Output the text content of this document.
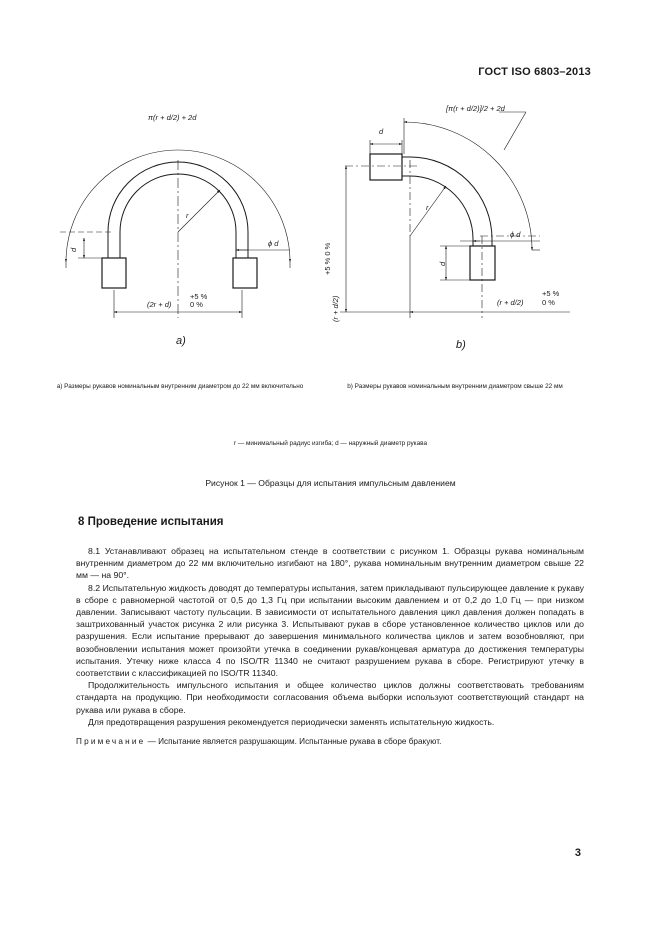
ГОСТ ISO 6803–2013
π(r + d/2) + 2d
r
d
ϕ d
+5 %
(2r + d) 0 %
a)
[π(r + d/2)]/2 + 2d
d
r
ϕ d
d
(r + d/2)
+5 % 0 %
+5 %
(r + d/2) 0 %
b)
a) Размеры рукавов номинальным внутренним диаметром до 22 мм включительно	b) Размеры рукавов номинальным внутренним диаметром свыше 22 мм
r — минимальный радиус изгиба; d — наружный диаметр рукава
Рисунок 1 — Образцы для испытания импульсным давлением
8 Проведение испытания

8.1 Устанавливают образец на испытательном стенде в соответствии с рисунком 1. Образцы рукава номинальным внутренним диаметром до 22 мм включительно изгибают на 180°, рукава номинальным внутренним диаметром свыше 22 мм — на 90°.

8.2 Испытательную жидкость доводят до температуры испытания, затем прикладывают пульсирующее давление к рукаву в сборе с равномерной частотой от 0,5 до 1,3 Гц при испытании высоким давлением и от 0,2 до 1,0 Гц — при низком давлении. Записывают частоту пульсации. В зависимости от испытательного давления цикл давления должен попадать в заштрихованный участок рисунка 2 или рисунка 3. Испытывают рукав в сборе установленное количество циклов или до разрушения. Если испытание прерывают до завершения минимального количества циклов и затем возобновляют, при возобновлении испытания может произойти утечка в соединении рукав/концевая арматура до достижения температуры испытания. Утечку ниже класса 4 по ISO/TR 11340 не считают разрушением рукава в сборе. Регистрируют утечку в соответствии с классификацией по ISO/TR 11340.

Продолжительность импульсного испытания и общее количество циклов должны соответствовать требованиям стандарта на продукцию. При необходимости согласования объема выборки используют соответствующий стандарт на рукава или рукава в сборе.

Для предотвращения разрушения рекомендуется периодически заменять испытательную жидкость.

Примечание — Испытание является разрушающим. Испытанные рукава в сборе бракуют.

3
